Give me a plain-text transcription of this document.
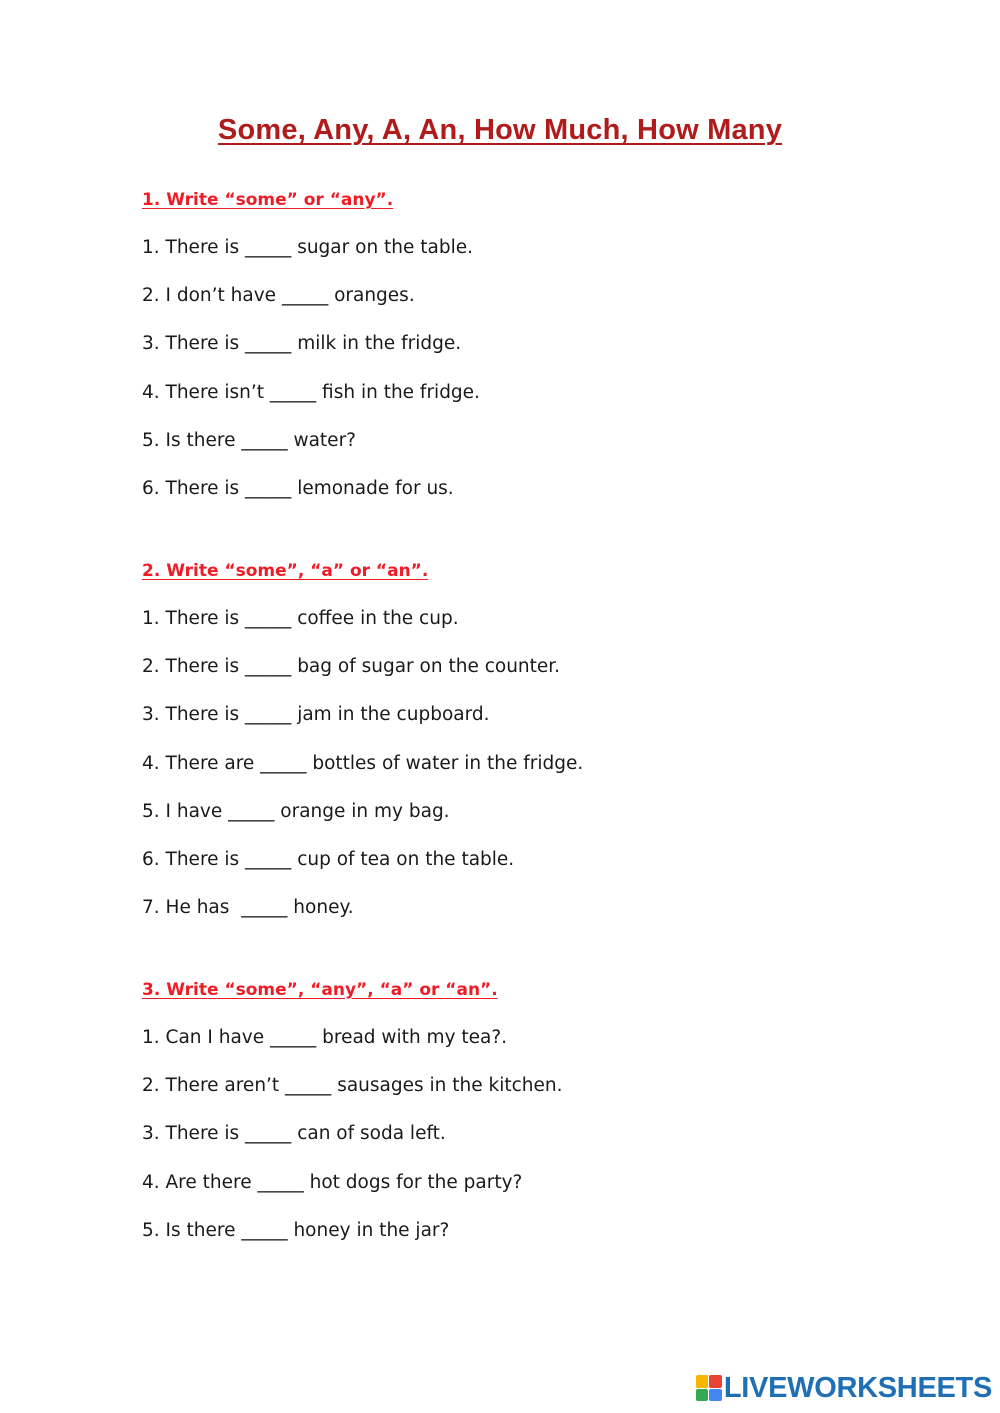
Some, Any, A, An, How Much, How Many
1. Write “some” or “any”.
1. There is _____ sugar on the table.
2. I don’t have _____ oranges.
3. There is _____ milk in the fridge.
4. There isn’t _____ fish in the fridge.
5. Is there _____ water?
6. There is _____ lemonade for us.
2. Write “some”, “a” or “an”.
1. There is _____ coffee in the cup.
2. There is _____ bag of sugar on the counter.
3. There is _____ jam in the cupboard.
4. There are _____ bottles of water in the fridge.
5. I have _____ orange in my bag.
6. There is _____ cup of tea on the table.
7. He has  _____ honey.
3. Write “some”, “any”, “a” or “an”.
1. Can I have _____ bread with my tea?.
2. There aren’t _____ sausages in the kitchen.
3. There is _____ can of soda left.
4. Are there _____ hot dogs for the party?
5. Is there _____ honey in the jar?
LIVEWORKSHEETS
